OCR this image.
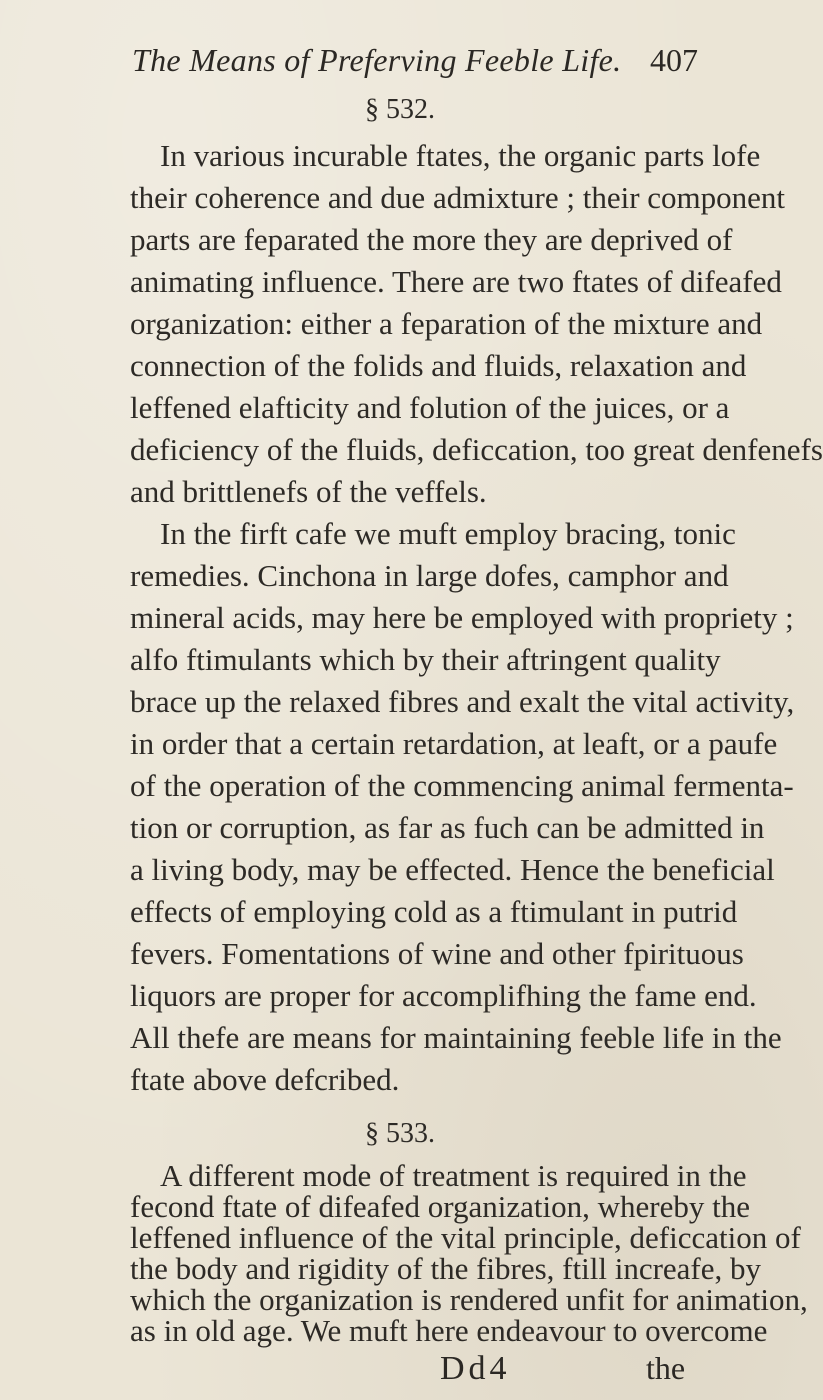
The Means of Preferving Feeble Life. 407
§ 532.
In various incurable ftates, the organic parts lofe
their coherence and due admixture ; their component
parts are feparated the more they are deprived of
animating influence. There are two ftates of difeafed
organization: either a feparation of the mixture and
connection of the folids and fluids, relaxation and
leffened elafticity and folution of the juices, or a
deficiency of the fluids, deficcation, too great denfenefs
and brittlenefs of the veffels.
In the firft cafe we muft employ bracing, tonic
remedies. Cinchona in large dofes, camphor and
mineral acids, may here be employed with propriety ;
alfo ftimulants which by their aftringent quality
brace up the relaxed fibres and exalt the vital activity,
in order that a certain retardation, at leaft, or a paufe
of the operation of the commencing animal fermenta-
tion or corruption, as far as fuch can be admitted in
a living body, may be effected. Hence the beneficial
effects of employing cold as a ftimulant in putrid
fevers. Fomentations of wine and other fpirituous
liquors are proper for accomplifhing the fame end.
All thefe are means for maintaining feeble life in the
ftate above defcribed.
§ 533.
A different mode of treatment is required in the
fecond ftate of difeafed organization, whereby the
leffened influence of the vital principle, deficcation of
the body and rigidity of the fibres, ftill increafe, by
which the organization is rendered unfit for animation,
as in old age. We muft here endeavour to overcome
Dd4	the
